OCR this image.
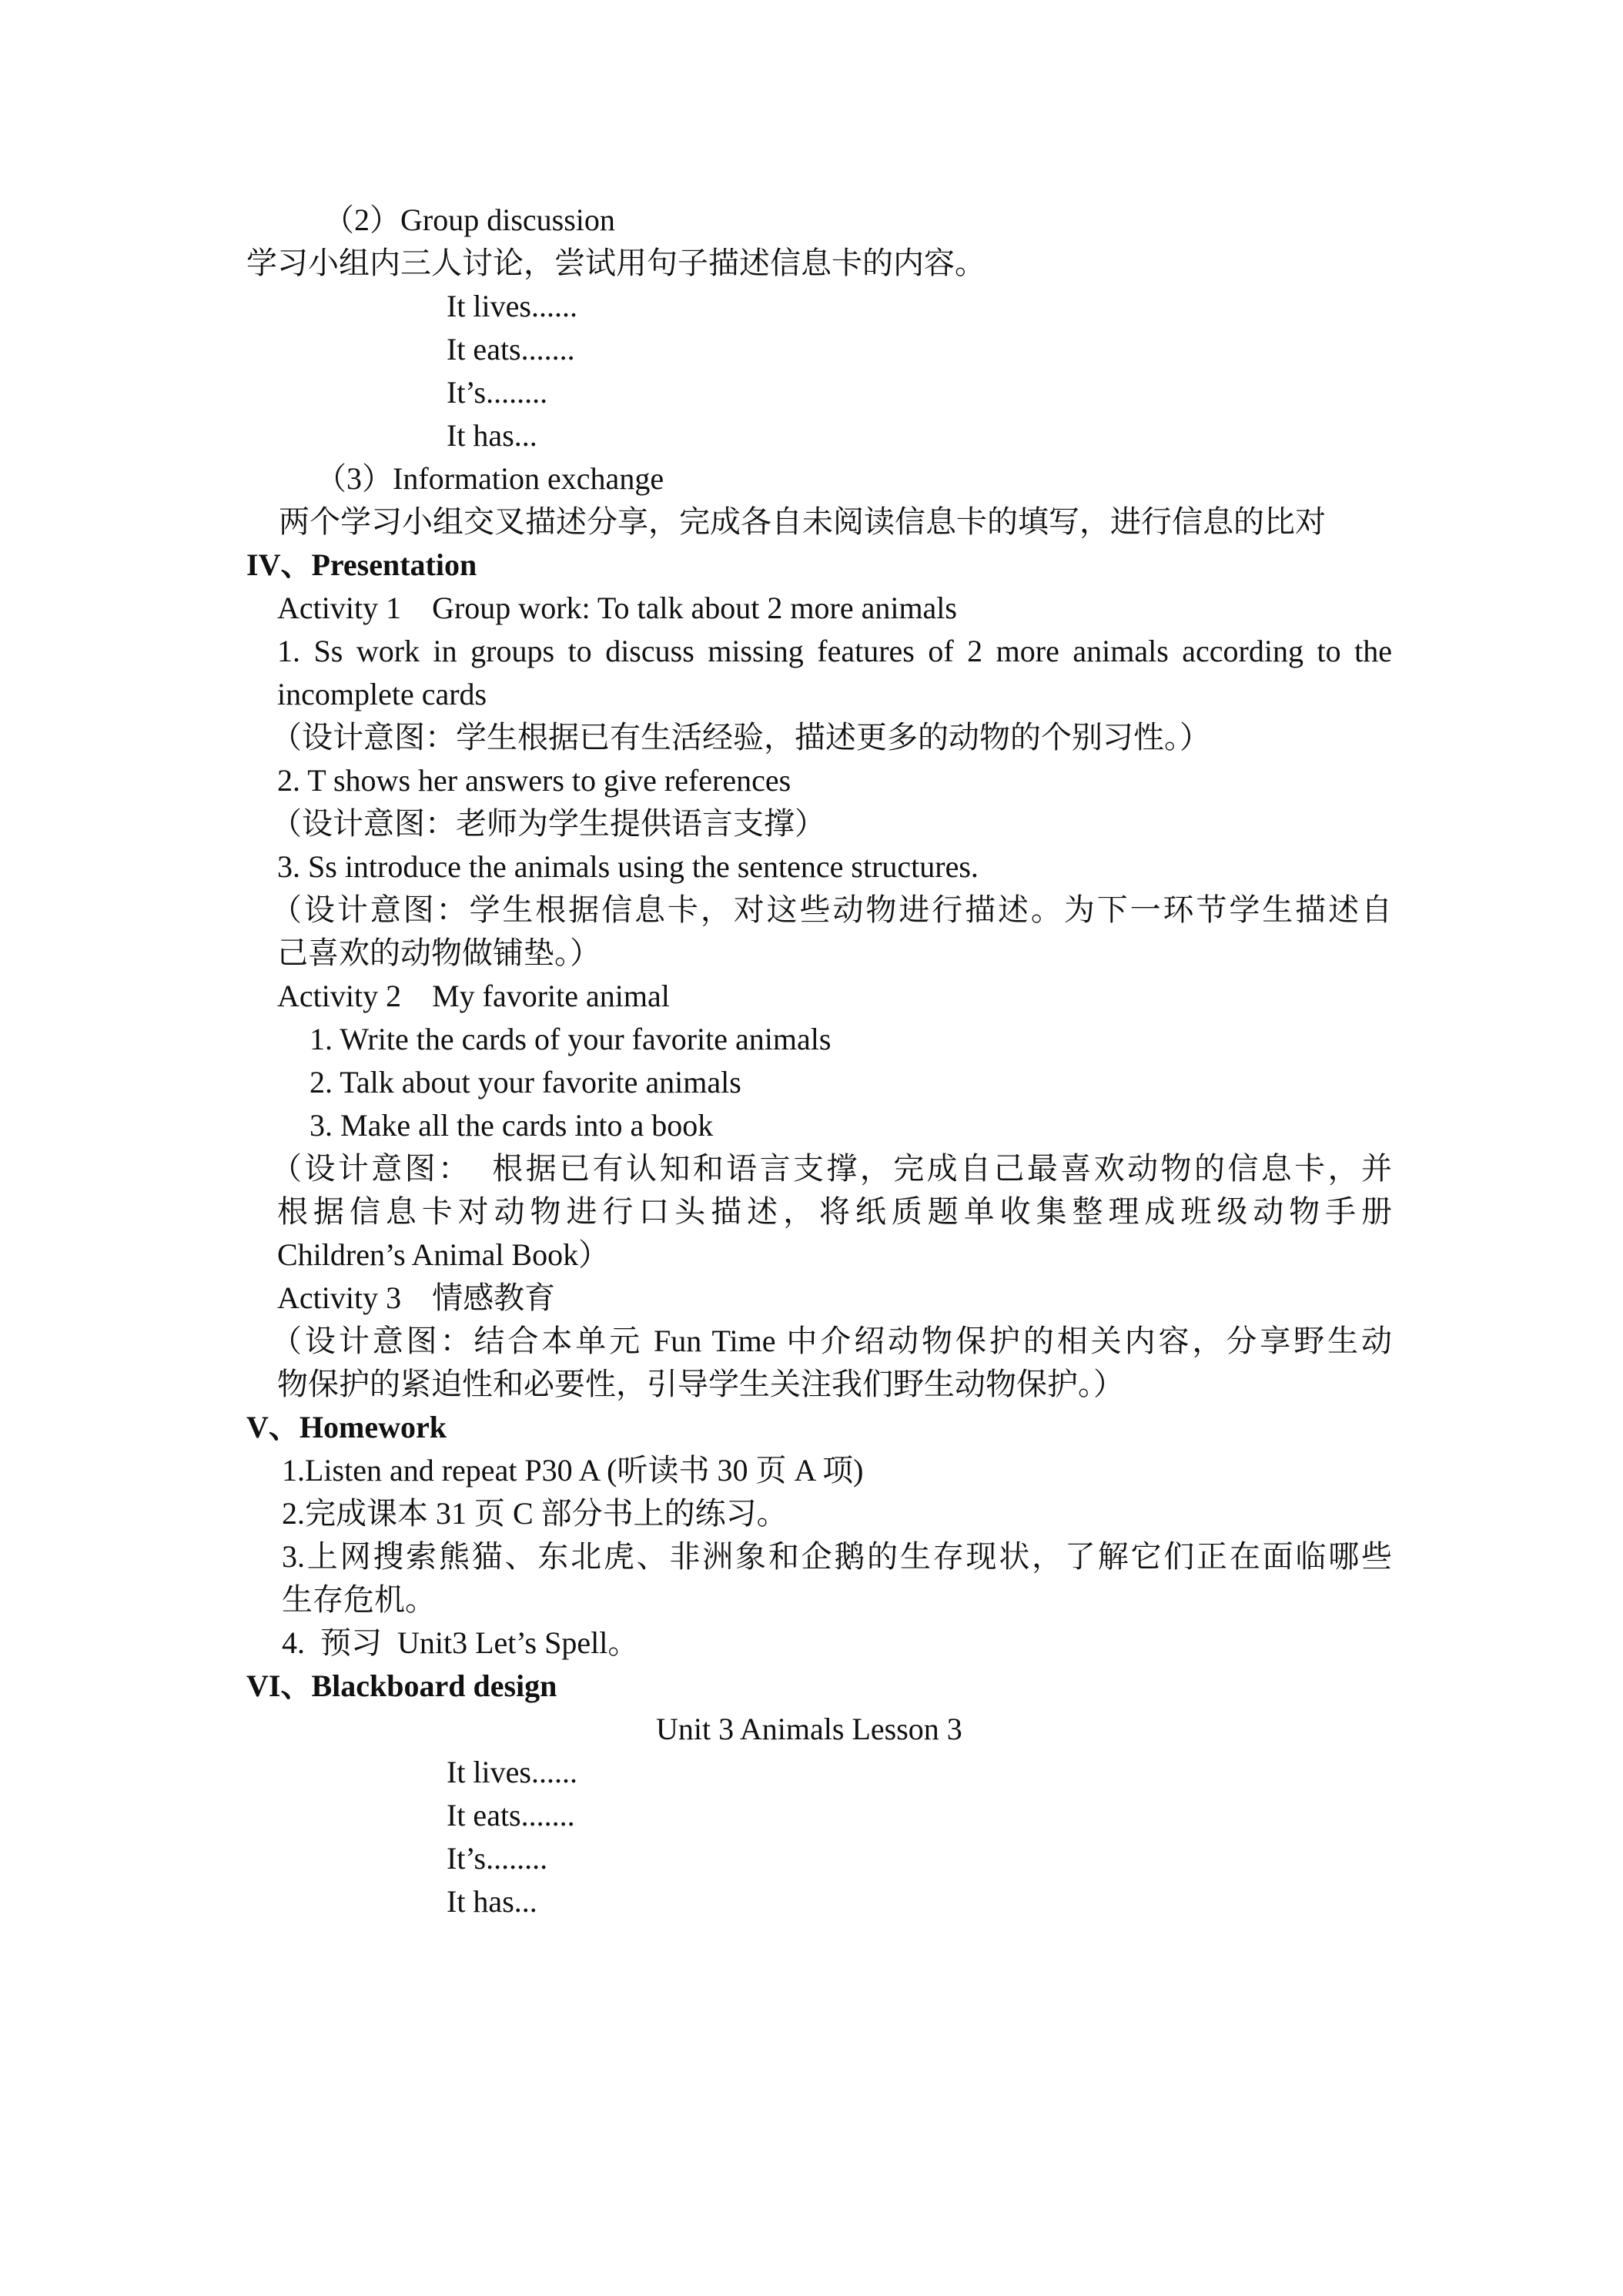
（2）Group discussion
学习小组内三人讨论，尝试用句子描述信息卡的内容。
It lives......
It eats.......
It’s........
It has...
（3）Information exchange
两个学习小组交叉描述分享，完成各自未阅读信息卡的填写，进行信息的比对
IV、Presentation
Activity 1    Group work: To talk about 2 more animals
1. Ss work in groups to discuss missing features of 2 more animals according to the
incomplete cards
（设计意图：学生根据已有生活经验，描述更多的动物的个别习性。）
2. T shows her answers to give references
（设计意图：老师为学生提供语言支撑）
3. Ss introduce the animals using the sentence structures.
（设计意图：学生根据信息卡，对这些动物进行描述。为下一环节学生描述自
己喜欢的动物做铺垫。）
Activity 2    My favorite animal
1. Write the cards of your favorite animals
2. Talk about your favorite animals
3. Make all the cards into a book
（设计意图：  根据已有认知和语言支撑，完成自己最喜欢动物的信息卡，并
根据信息卡对动物进行口头描述，将纸质题单收集整理成班级动物手册
Children’s Animal Book）
Activity 3    情感教育
（设计意图：结合本单元 Fun Time 中介绍动物保护的相关内容，分享野生动
物保护的紧迫性和必要性，引导学生关注我们野生动物保护。）
V、Homework
1.Listen and repeat P30 A (听读书 30 页 A 项)
2.完成课本 31 页 C 部分书上的练习。
3.上网搜索熊猫、东北虎、非洲象和企鹅的生存现状，了解它们正在面临哪些
生存危机。
4.  预习  Unit3 Let’s Spell。
VI、Blackboard design
Unit 3 Animals Lesson 3
It lives......
It eats.......
It’s........
It has...
